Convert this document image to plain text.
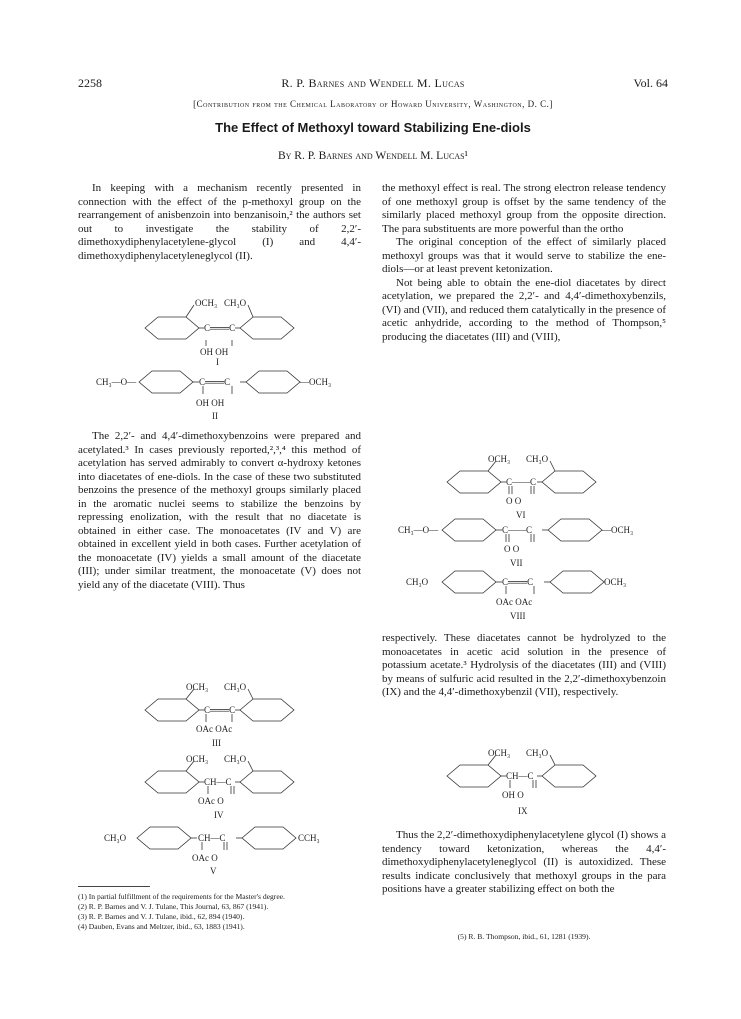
2258	R. P. Barnes and Wendell M. Lucas	Vol. 64
[Contribution from the Chemical Laboratory of Howard University, Washington, D. C.]
The Effect of Methoxyl toward Stabilizing Ene-diols
By R. P. Barnes and Wendell M. Lucas¹

In keeping with a mechanism recently presented in connection with the effect of the p-methoxyl group on the rearrangement of anisbenzoin into benzanisoin,² the authors set out to investigate the stability of 2,2′-dimethoxydiphenylacetylene-glycol (I) and 4,4′-dimethoxydiphenylacetyleneglycol (II).

OCH₃ CH₃O
C═══C
OH OH
I
CH₃—O—	C═══C	—OCH₃
OH OH
II

The 2,2′- and 4,4′-dimethoxybenzoins were prepared and acetylated.³ In cases previously reported,²,³,⁴ this method of acetylation has served admirably to convert α-hydroxy ketones into diacetates of ene-diols. In the case of these two substituted benzoins the presence of the methoxyl groups similarly placed in the aromatic nuclei seems to stabilize the benzoins by repressing enolization, with the result that no diacetate is obtained in either case. The monoacetates (IV and V) are obtained in excellent yield in both cases. Further acetylation of the monoacetate (IV) yields a small amount of the diacetate (III); under similar treatment, the monoacetate (V) does not yield any of the diacetate (VIII). Thus

OCH₃ CH₃O
C═══C
OAc OAc
III
OCH₃ CH₃O
CH—C
OAc O
IV
CH₃O	CH—C	CCH₃
OAc O
V

the methoxyl effect is real. The strong electron release tendency of one methoxyl group is offset by the same tendency of the similarly placed methoxyl group from the opposite direction. The para substituents are more powerful than the ortho

The original conception of the effect of similarly placed methoxyl groups was that it would serve to stabilize the ene-diols—or at least prevent ketonization.

Not being able to obtain the ene-diol diacetates by direct acetylation, we prepared the 2,2′- and 4,4′-dimethoxybenzils, (VI) and (VII), and reduced them catalytically in the presence of acetic anhydride, according to the method of Thompson,⁵ producing the diacetates (III) and (VIII),

OCH₃ CH₃O
C——C
O O
VI
CH₃—O—	C——C	—OCH₃
O O
VII
CH₃O	C═══C	OCH₃
OAc OAc
VIII

respectively. These diacetates cannot be hydrolyzed to the monoacetates in acetic acid solution in the presence of potassium acetate.³ Hydrolysis of the diacetates (III) and (VIII) by means of sulfuric acid resulted in the 2,2′-dimethoxybenzoin (IX) and the 4,4′-dimethoxybenzil (VII), respectively.

OCH₃ CH₃O
CH—C
OH O
IX

Thus the 2,2′-dimethoxydiphenylacetylene glycol (I) shows a tendency toward ketonization, whereas the 4,4′-dimethoxydiphenylacetyleneglycol (II) is autoxidized. These results indicate conclusively that methoxyl groups in the para positions have a greater stabilizing effect on both the

(1) In partial fulfillment of the requirements for the Master's degree.
(2) R. P. Barnes and V. J. Tulane, This Journal, 63, 867 (1941).
(3) R. P. Barnes and V. J. Tulane, ibid., 62, 894 (1940).
(4) Dauben, Evans and Meltzer, ibid., 63, 1883 (1941).
(5) R. B. Thompson, ibid., 61, 1281 (1939).
